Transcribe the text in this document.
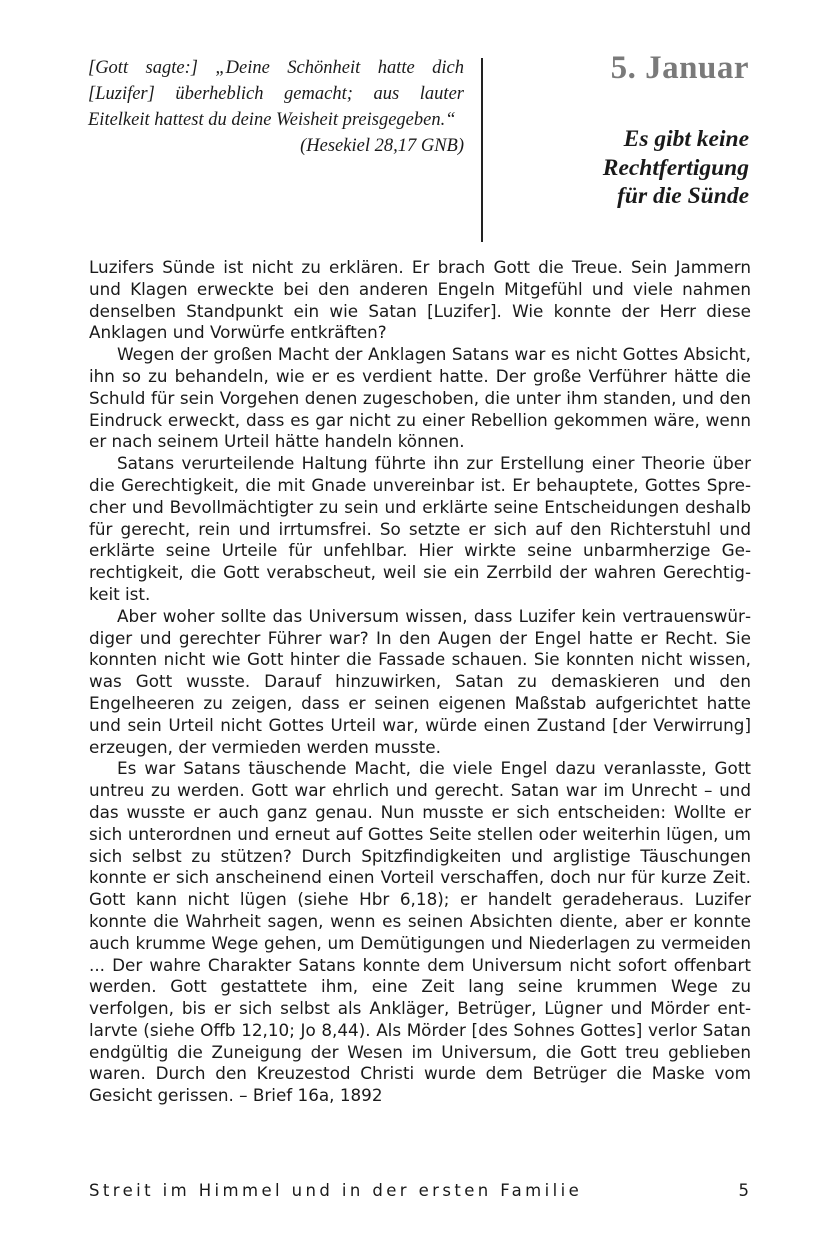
[Gott sagte:] „Deine Schönheit hatte dich [Luzifer] überheblich gemacht; aus lauter Eitelkeit hattest du deine Weisheit preisgegeben.“
(Hesekiel 28,17 GNB)
5. Januar
Es gibt keine
Rechtfertigung
für die Sünde

Luzifers Sünde ist nicht zu erklären. Er brach Gott die Treue. Sein Jammern und Klagen erweckte bei den anderen Engeln Mitgefühl und viele nahmen denselben Standpunkt ein wie Satan [Luzifer]. Wie konnte der Herr diese Anklagen und Vorwürfe entkräften?

Wegen der großen Macht der Anklagen Satans war es nicht Gottes Absicht, ihn so zu behandeln, wie er es verdient hatte. Der große Verführer hätte die Schuld für sein Vorgehen denen zugeschoben, die unter ihm standen, und den Eindruck erweckt, dass es gar nicht zu einer Rebellion gekommen wäre, wenn er nach seinem Urteil hätte handeln können.

Satans verurteilende Haltung führte ihn zur Erstellung einer Theorie über die Gerechtigkeit, die mit Gnade unvereinbar ist. Er behauptete, Gottes Sprecher und Bevollmächtigter zu sein und erklärte seine Entscheidungen deshalb für gerecht, rein und irrtumsfrei. So setzte er sich auf den Richterstuhl und erklärte seine Urteile für unfehlbar. Hier wirkte seine unbarmherzige Gerechtigkeit, die Gott verabscheut, weil sie ein Zerrbild der wahren Gerechtigkeit ist.

Aber woher sollte das Universum wissen, dass Luzifer kein vertrauenswürdiger und gerechter Führer war? In den Augen der Engel hatte er Recht. Sie konnten nicht wie Gott hinter die Fassade schauen. Sie konnten nicht wissen, was Gott wusste. Darauf hinzuwirken, Satan zu demaskieren und den Engelheeren zu zeigen, dass er seinen eigenen Maßstab aufgerichtet hatte und sein Urteil nicht Gottes Urteil war, würde einen Zustand [der Verwirrung] erzeugen, der vermieden werden musste.

Es war Satans täuschende Macht, die viele Engel dazu veranlasste, Gott untreu zu werden. Gott war ehrlich und gerecht. Satan war im Unrecht – und das wusste er auch ganz genau. Nun musste er sich entscheiden: Wollte er sich unterordnen und erneut auf Gottes Seite stellen oder weiterhin lügen, um sich selbst zu stützen? Durch Spitzfindigkeiten und arglistige Täuschungen konnte er sich anscheinend einen Vorteil verschaffen, doch nur für kurze Zeit. Gott kann nicht lügen (siehe Hbr 6,18); er handelt geradeheraus. Luzifer konnte die Wahrheit sagen, wenn es seinen Absichten diente, aber er konnte auch krumme Wege gehen, um Demütigungen und Niederlagen zu vermeiden ... Der wahre Charakter Satans konnte dem Universum nicht sofort offenbart werden. Gott gestattete ihm, eine Zeit lang seine krummen Wege zu verfolgen, bis er sich selbst als Ankläger, Betrüger, Lügner und Mörder entlarvte (siehe Offb 12,10; Jo 8,44). Als Mörder [des Sohnes Gottes] verlor Satan endgültig die Zuneigung der Wesen im Universum, die Gott treu geblieben waren. Durch den Kreuzestod Christi wurde dem Betrüger die Maske vom Gesicht gerissen. – Brief 16a, 1892

Streit im Himmel und in der ersten Familie	5
